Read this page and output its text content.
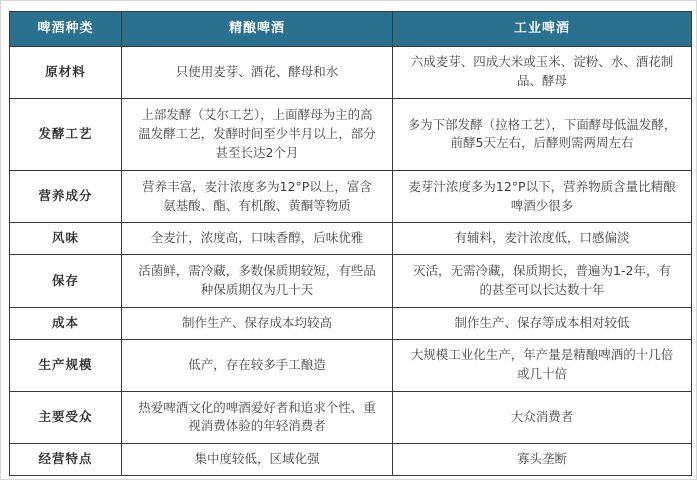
啤酒种类	精酿啤酒	工业啤酒
原材料	只使用麦芽、酒花、酵母和水	六成麦芽、四成大米或玉米、淀粉、水、酒花制品、酵母
发酵工艺	上部发酵（艾尔工艺），上面酵母为主的高温发酵工艺，发酵时间至少半月以上，部分甚至长达2个月	多为下部发酵（拉格工艺），下面酵母低温发酵，前酵5天左右，后酵则需两周左右
营养成分	营养丰富，麦汁浓度多为12°P以上，富含氨基酸、酯、有机酸、黄酮等物质	麦芽汁浓度多为12°P以下，营养物质含量比精酿啤酒少很多
风味	全麦汁，浓度高，口味香醇，后味优雅	有辅料，麦汁浓度低，口感偏淡
保存	活菌鲜，需冷藏，多数保质期较短，有些品种保质期仅为几十天	灭活，无需冷藏，保质期长，普遍为1-2年，有的甚至可以长达数十年
成本	制作生产、保存成本均较高	制作生产、保存等成本相对较低
生产规模	低产，存在较多手工酿造	大规模工业化生产，年产量是精酿啤酒的十几倍或几十倍
主要受众	热爱啤酒文化的啤酒爱好者和追求个性、重视消费体验的年轻消费者	大众消费者
经营特点	集中度较低，区域化强	寡头垄断
